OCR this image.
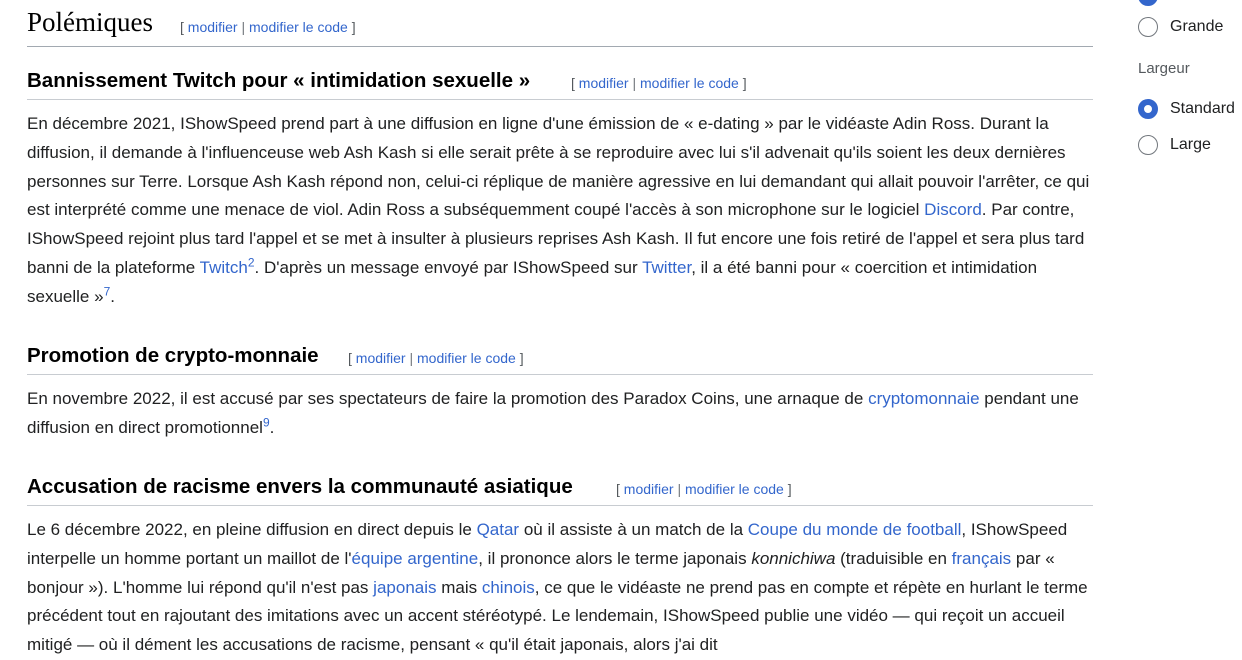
Polémiques [ modifier | modifier le code ]
Bannissement Twitch pour « intimidation sexuelle »	[ modifier | modifier le code ]

En décembre 2021, IShowSpeed prend part à une diffusion en ligne d'une émission de « e-dating » par le vidéaste Adin Ross. Durant la diffusion, il demande à l'influenceuse web Ash Kash si elle serait prête à se reproduire avec lui s'il advenait qu'ils soient les deux dernières personnes sur Terre. Lorsque Ash Kash répond non, celui-ci réplique de manière agressive en lui demandant qui allait pouvoir l'arrêter, ce qui est interprété comme une menace de viol. Adin Ross a subséquemment coupé l'accès à son microphone sur le logiciel Discord. Par contre, IShowSpeed rejoint plus tard l'appel et se met à insulter à plusieurs reprises Ash Kash. Il fut encore une fois retiré de l'appel et sera plus tard banni de la plateforme Twitch$^2$. D'après un message envoyé par IShowSpeed sur Twitter, il a été banni pour « coercition et intimidation sexuelle »$^7$.

Promotion de crypto-monnaie [ modifier | modifier le code ]

En novembre 2022, il est accusé par ses spectateurs de faire la promotion des Paradox Coins, une arnaque de cryptomonnaie pendant une diffusion en direct promotionnel$^9$.

Accusation de racisme envers la communauté asiatique	[ modifier | modifier le code ]

Le 6 décembre 2022, en pleine diffusion en direct depuis le Qatar où il assiste à un match de la Coupe du monde de football, IShowSpeed interpelle un homme portant un maillot de l'équipe argentine, il prononce alors le terme japonais konnichiwa (traduisible en français par « bonjour »). L'homme lui répond qu'il n'est pas japonais mais chinois, ce que le vidéaste ne prend pas en compte et répète en hurlant le terme précédent tout en rajoutant des imitations avec un accent stéréotypé. Le lendemain, IShowSpeed publie une vidéo — qui reçoit un accueil mitigé — où il dément les accusations de racisme, pensant « qu'il était japonais, alors j'ai dit

Grande
Largeur
Standard
Large
